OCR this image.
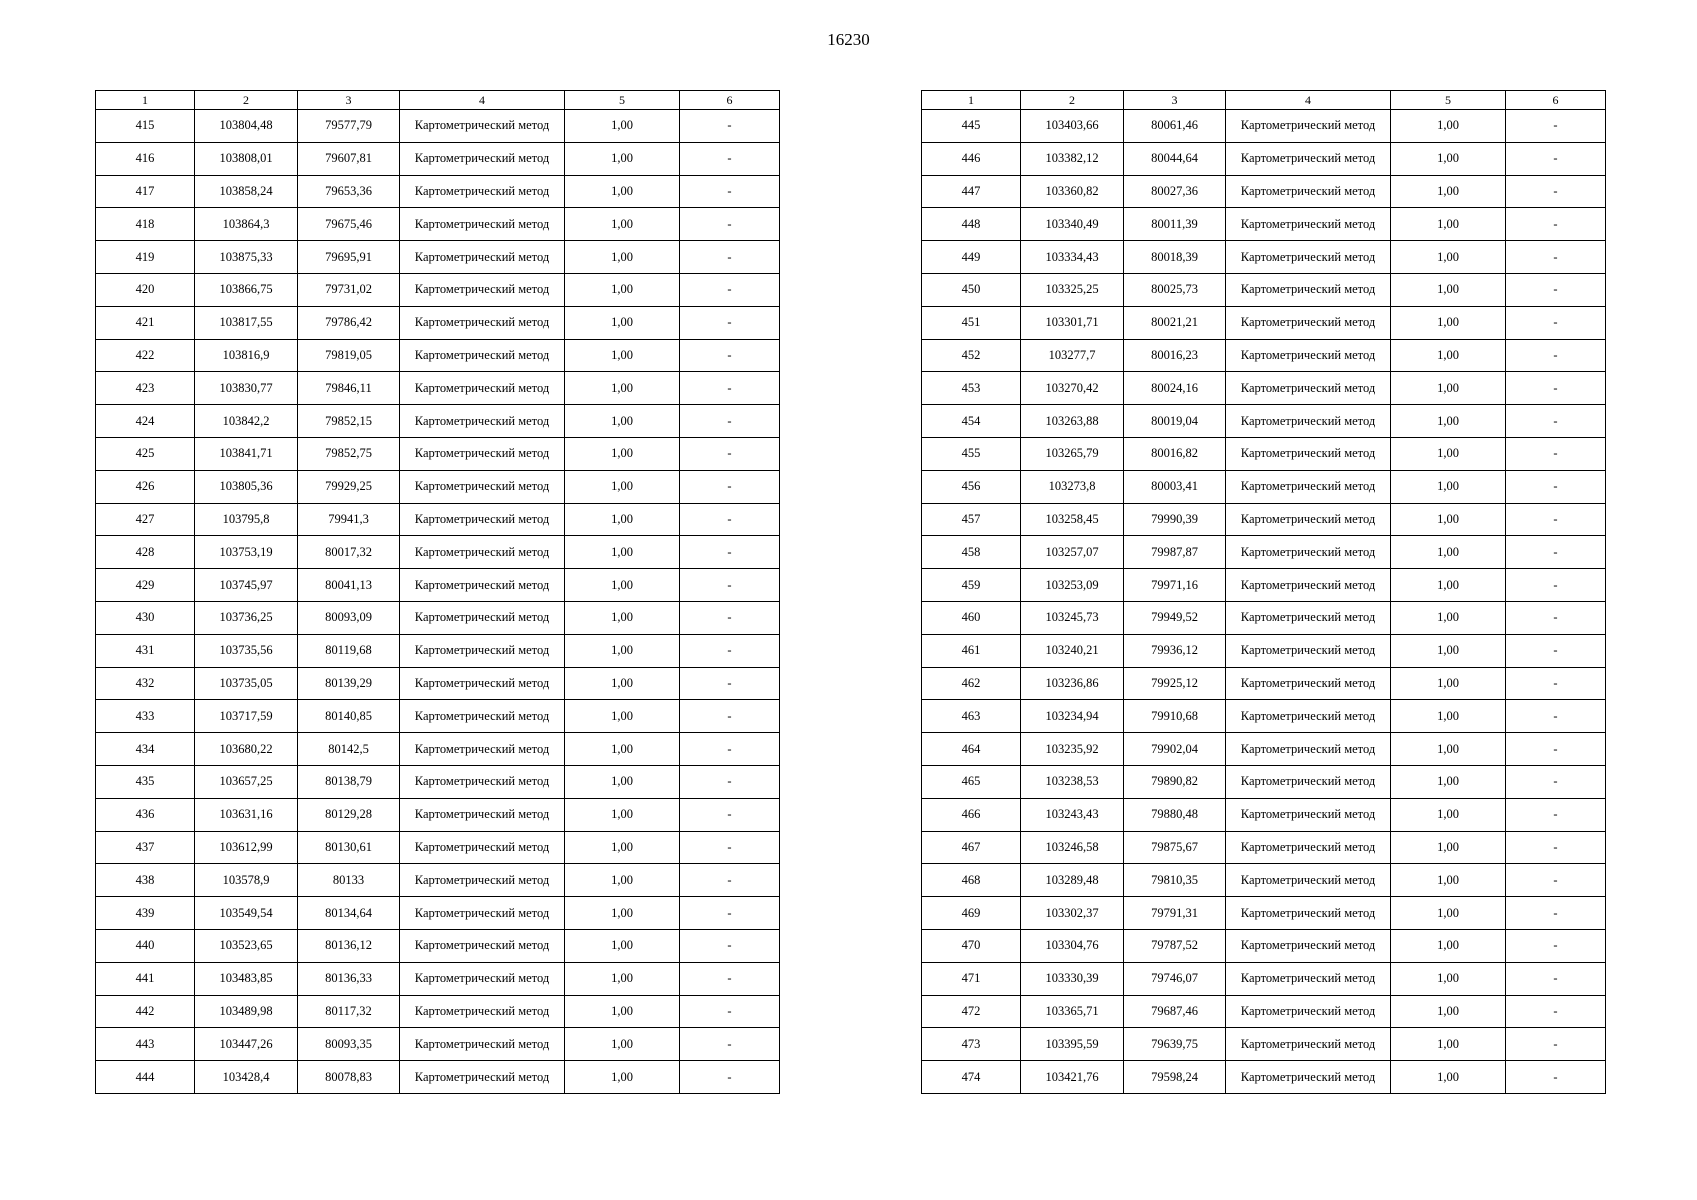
16230
1	2	3	4	5	6
415	103804,48	79577,79	Картометрический метод	1,00	-
416	103808,01	79607,81	Картометрический метод	1,00	-
417	103858,24	79653,36	Картометрический метод	1,00	-
418	103864,3	79675,46	Картометрический метод	1,00	-
419	103875,33	79695,91	Картометрический метод	1,00	-
420	103866,75	79731,02	Картометрический метод	1,00	-
421	103817,55	79786,42	Картометрический метод	1,00	-
422	103816,9	79819,05	Картометрический метод	1,00	-
423	103830,77	79846,11	Картометрический метод	1,00	-
424	103842,2	79852,15	Картометрический метод	1,00	-
425	103841,71	79852,75	Картометрический метод	1,00	-
426	103805,36	79929,25	Картометрический метод	1,00	-
427	103795,8	79941,3	Картометрический метод	1,00	-
428	103753,19	80017,32	Картометрический метод	1,00	-
429	103745,97	80041,13	Картометрический метод	1,00	-
430	103736,25	80093,09	Картометрический метод	1,00	-
431	103735,56	80119,68	Картометрический метод	1,00	-
432	103735,05	80139,29	Картометрический метод	1,00	-
433	103717,59	80140,85	Картометрический метод	1,00	-
434	103680,22	80142,5	Картометрический метод	1,00	-
435	103657,25	80138,79	Картометрический метод	1,00	-
436	103631,16	80129,28	Картометрический метод	1,00	-
437	103612,99	80130,61	Картометрический метод	1,00	-
438	103578,9	80133	Картометрический метод	1,00	-
439	103549,54	80134,64	Картометрический метод	1,00	-
440	103523,65	80136,12	Картометрический метод	1,00	-
441	103483,85	80136,33	Картометрический метод	1,00	-
442	103489,98	80117,32	Картометрический метод	1,00	-
443	103447,26	80093,35	Картометрический метод	1,00	-
444	103428,4	80078,83	Картометрический метод	1,00	-
1	2	3	4	5	6
445	103403,66	80061,46	Картометрический метод	1,00	-
446	103382,12	80044,64	Картометрический метод	1,00	-
447	103360,82	80027,36	Картометрический метод	1,00	-
448	103340,49	80011,39	Картометрический метод	1,00	-
449	103334,43	80018,39	Картометрический метод	1,00	-
450	103325,25	80025,73	Картометрический метод	1,00	-
451	103301,71	80021,21	Картометрический метод	1,00	-
452	103277,7	80016,23	Картометрический метод	1,00	-
453	103270,42	80024,16	Картометрический метод	1,00	-
454	103263,88	80019,04	Картометрический метод	1,00	-
455	103265,79	80016,82	Картометрический метод	1,00	-
456	103273,8	80003,41	Картометрический метод	1,00	-
457	103258,45	79990,39	Картометрический метод	1,00	-
458	103257,07	79987,87	Картометрический метод	1,00	-
459	103253,09	79971,16	Картометрический метод	1,00	-
460	103245,73	79949,52	Картометрический метод	1,00	-
461	103240,21	79936,12	Картометрический метод	1,00	-
462	103236,86	79925,12	Картометрический метод	1,00	-
463	103234,94	79910,68	Картометрический метод	1,00	-
464	103235,92	79902,04	Картометрический метод	1,00	-
465	103238,53	79890,82	Картометрический метод	1,00	-
466	103243,43	79880,48	Картометрический метод	1,00	-
467	103246,58	79875,67	Картометрический метод	1,00	-
468	103289,48	79810,35	Картометрический метод	1,00	-
469	103302,37	79791,31	Картометрический метод	1,00	-
470	103304,76	79787,52	Картометрический метод	1,00	-
471	103330,39	79746,07	Картометрический метод	1,00	-
472	103365,71	79687,46	Картометрический метод	1,00	-
473	103395,59	79639,75	Картометрический метод	1,00	-
474	103421,76	79598,24	Картометрический метод	1,00	-
